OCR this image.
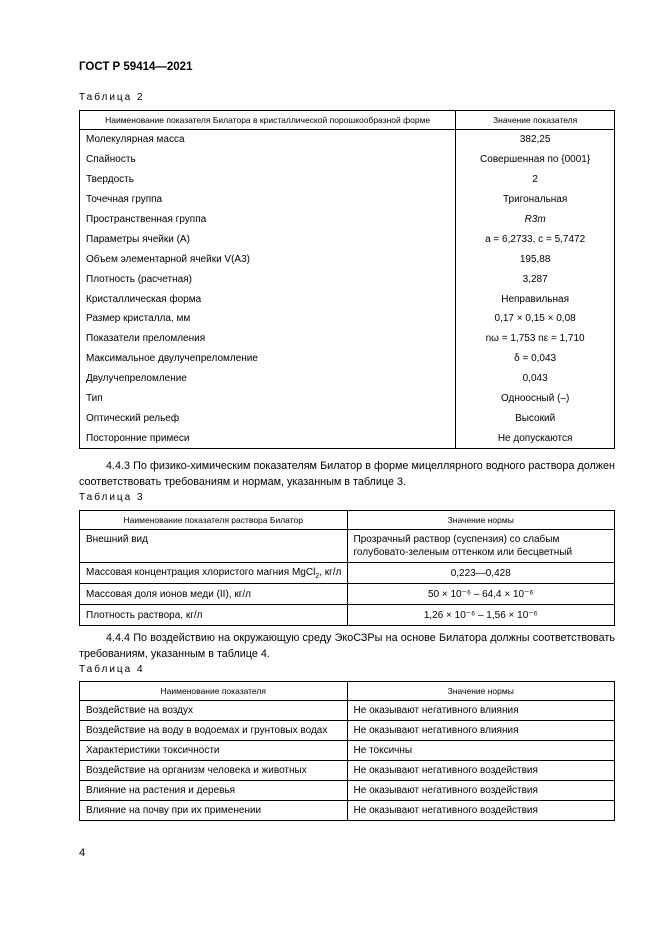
ГОСТ Р 59414—2021
Таблица 2
Наименование показателя Билатора в кристаллической порошкообразной форме	Значение показателя
Молекулярная масса	382,25
Спайность	Совершенная по {0001}
Твердость	2
Точечная группа	Тригональная
Пространственная группа	R3m
Параметры ячейки (А)	а = 6,2733, с = 5,7472
Объем элементарной ячейки V(А3)	195,88
Плотность (расчетная)	3,287
Кристаллическая форма	Неправильная
Размер кристалла, мм	0,17 × 0,15 × 0,08
Показатели преломления	nω = 1,753 nε = 1,710
Максимальное двулучепреломление	δ = 0,043
Двулучепреломление	0,043
Тип	Одноосный (–)
Оптический рельеф	Высокий
Посторонние примеси	Не допускаются
4.4.3 По физико-химическим показателям Билатор в форме мицеллярного водного раствора должен соответствовать требованиям и нормам, указанным в таблице 3.
Таблица 3
Наименование показателя раствора Билатор	Значение нормы
Внешний вид	Прозрачный раствор (суспензия) со слабым голубовато-зеленым оттенком или бесцветный
Массовая концентрация хлористого магния MgCl$_2$, кг/л	0,223—0,428
Массовая доля ионов меди (II), кг/л	50 × 10⁻⁶ – 64,4 × 10⁻⁶
Плотность раствора, кг/л	1,26 × 10⁻⁶ – 1,56 × 10⁻⁶
4.4.4 По воздействию на окружающую среду ЭкоСЗРы на основе Билатора должны соответствовать требованиям, указанным в таблице 4.
Таблица 4
Наименование показателя	Значение нормы
Воздействие на воздух	Не оказывают негативного влияния
Воздействие на воду в водоемах и грунтовых водах	Не оказывают негативного влияния
Характеристики токсичности	Не токсичны
Воздействие на организм человека и животных	Не оказывают негативного воздействия
Влияние на растения и деревья	Не оказывают негативного воздействия
Влияние на почву при их применении	Не оказывают негативного воздействия
4
